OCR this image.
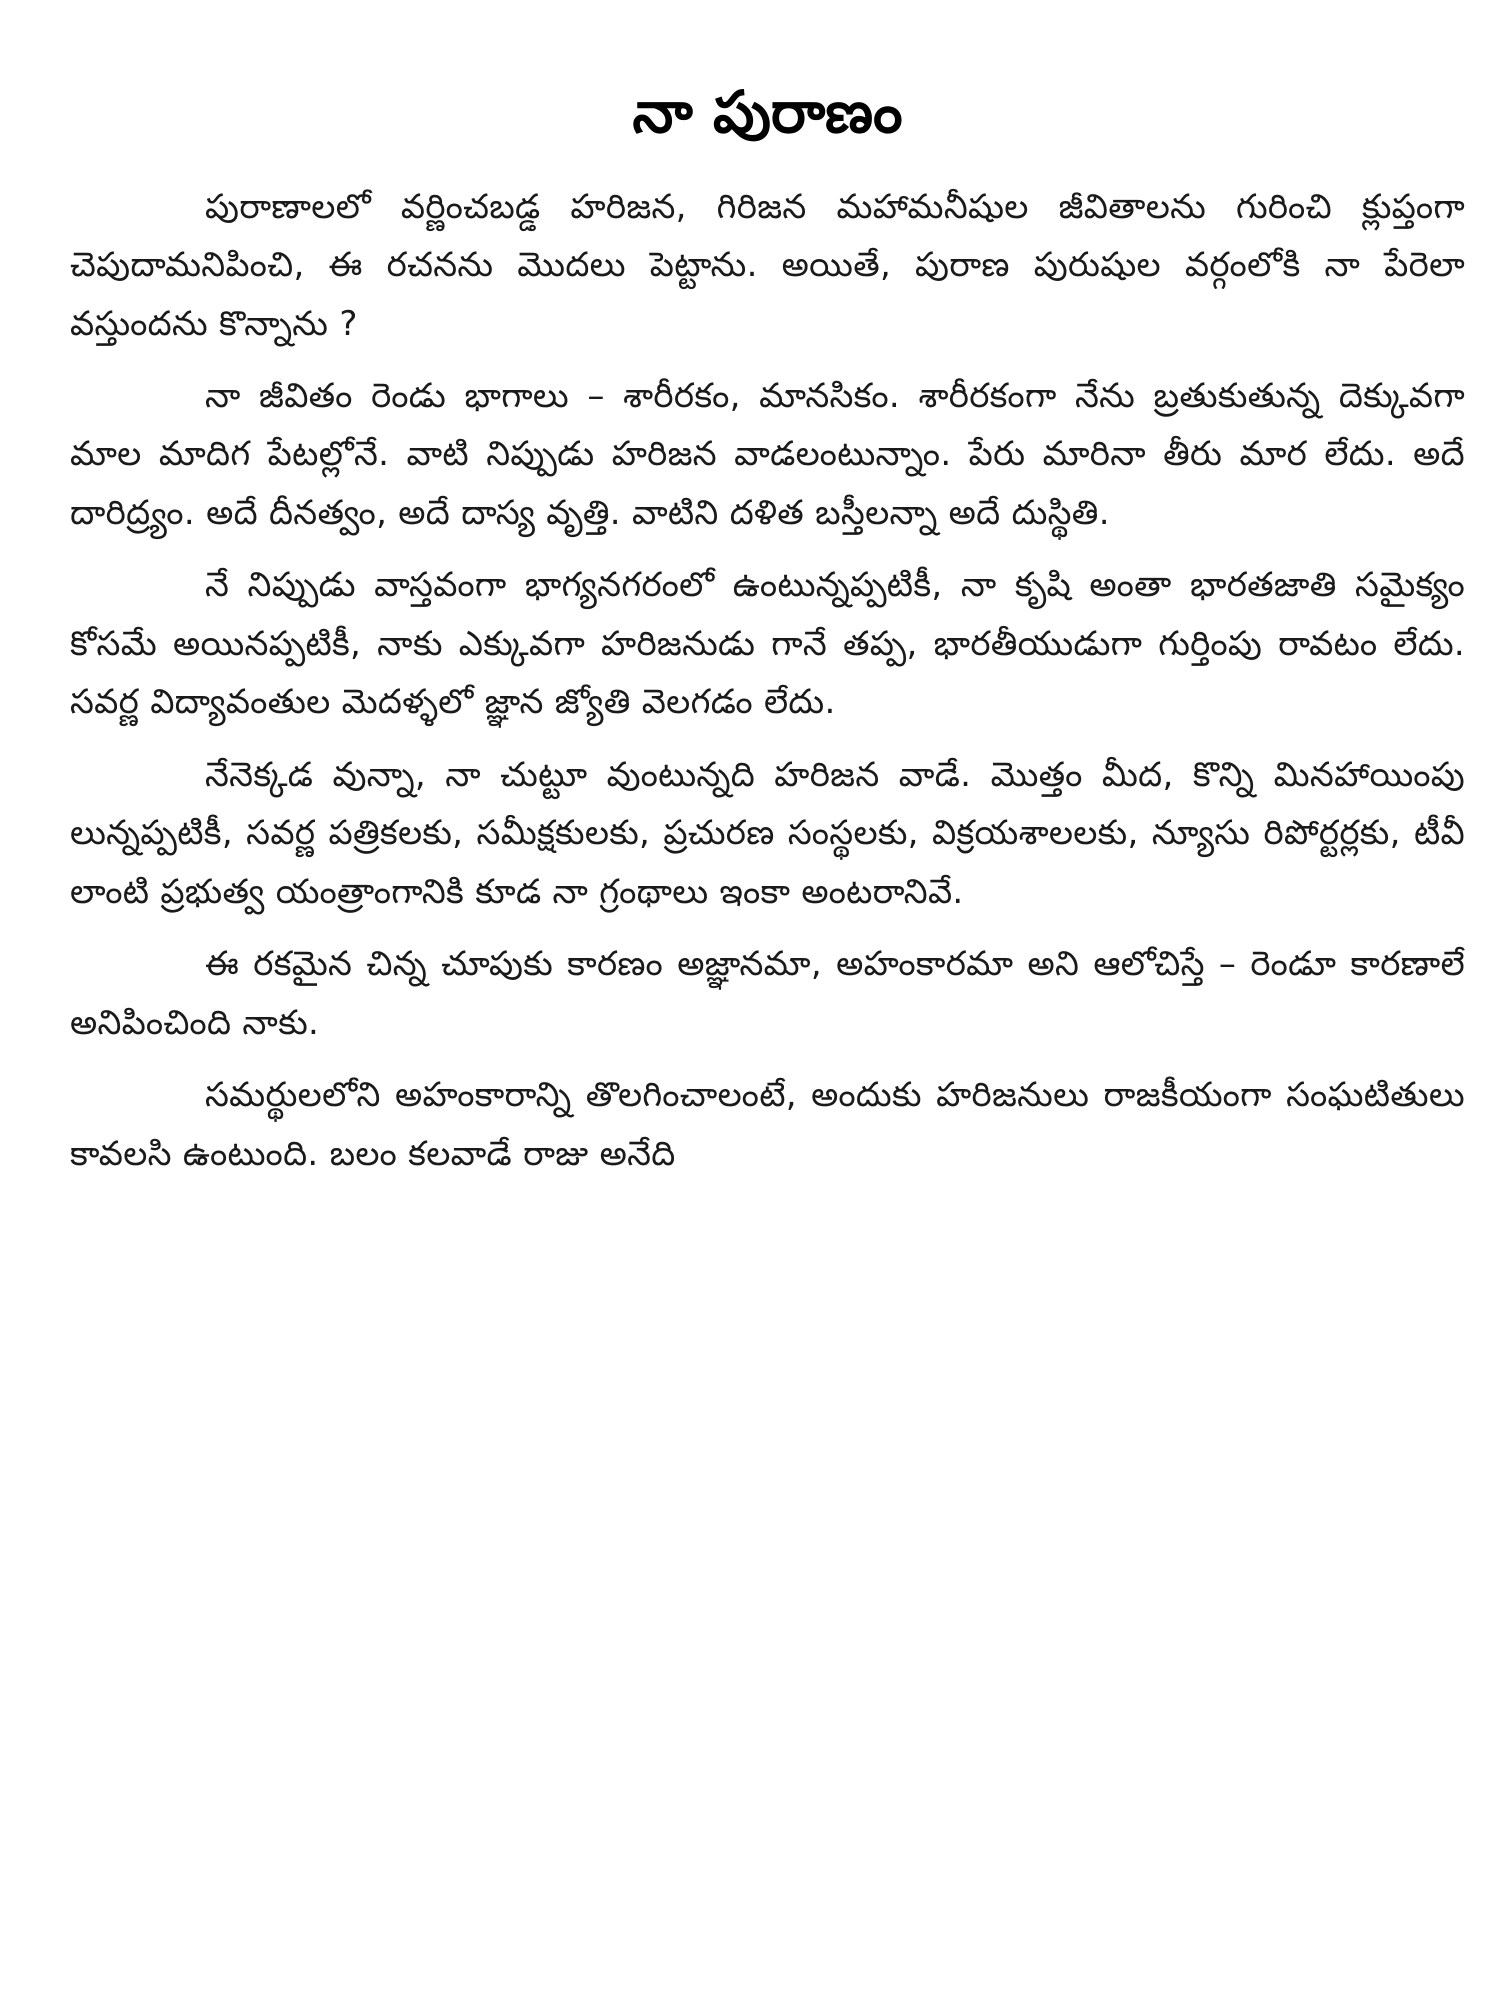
నా పురాణం

పురాణాలలో వర్ణించబడ్డ హరిజన, గిరిజన మహామనీషుల జీవితాలను గురించి క్లుప్తంగా చెపుదామనిపించి, ఈ రచనను మొదలు పెట్టాను. అయితే, పురాణ పురుషుల వర్గంలోకి నా పేరెలా వస్తుందను కొన్నాను ?

నా జీవితం రెండు భాగాలు – శారీరకం, మానసికం. శారీరకంగా నేను బ్రతుకుతున్న దెక్కువగా మాల మాదిగ పేటల్లోనే. వాటి నిప్పుడు హరిజన వాడలంటున్నాం. పేరు మారినా తీరు మార లేదు. అదే దారిద్ర్యం. అదే దీనత్వం, అదే దాస్య వృత్తి. వాటిని దళిత బస్తీలన్నా అదే దుస్థితి.

నే నిప్పుడు వాస్తవంగా భాగ్యనగరంలో ఉంటున్నప్పటికీ, నా కృషి అంతా భారతజాతి సమైక్యం కోసమే అయినప్పటికీ, నాకు ఎక్కువగా హరిజనుడు గానే తప్ప, భారతీయుడుగా గుర్తింపు రావటం లేదు. సవర్ణ విద్యావంతుల మెదళ్ళలో జ్ఞాన జ్యోతి వెలగడం లేదు.

నేనెక్కడ వున్నా, నా చుట్టూ వుంటున్నది హరిజన వాడే. మొత్తం మీద, కొన్ని మినహాయింపు లున్నప్పటికీ, సవర్ణ పత్రికలకు, సమీక్షకులకు, ప్రచురణ సంస్థలకు, విక్రయశాలలకు, న్యూసు రిపోర్టర్లకు, టీవీ లాంటి ప్రభుత్వ యంత్రాంగానికి కూడ నా గ్రంథాలు ఇంకా అంటరానివే.

ఈ రకమైన చిన్న చూపుకు కారణం అజ్ఞానమా, అహంకారమా అని ఆలోచిస్తే – రెండూ కారణాలే అనిపించింది నాకు.

సమర్థులలోని అహంకారాన్ని తొలగించాలంటే, అందుకు హరిజనులు రాజకీయంగా సంఘటితులు కావలసి ఉంటుంది. బలం కలవాడే రాజు అనేది
